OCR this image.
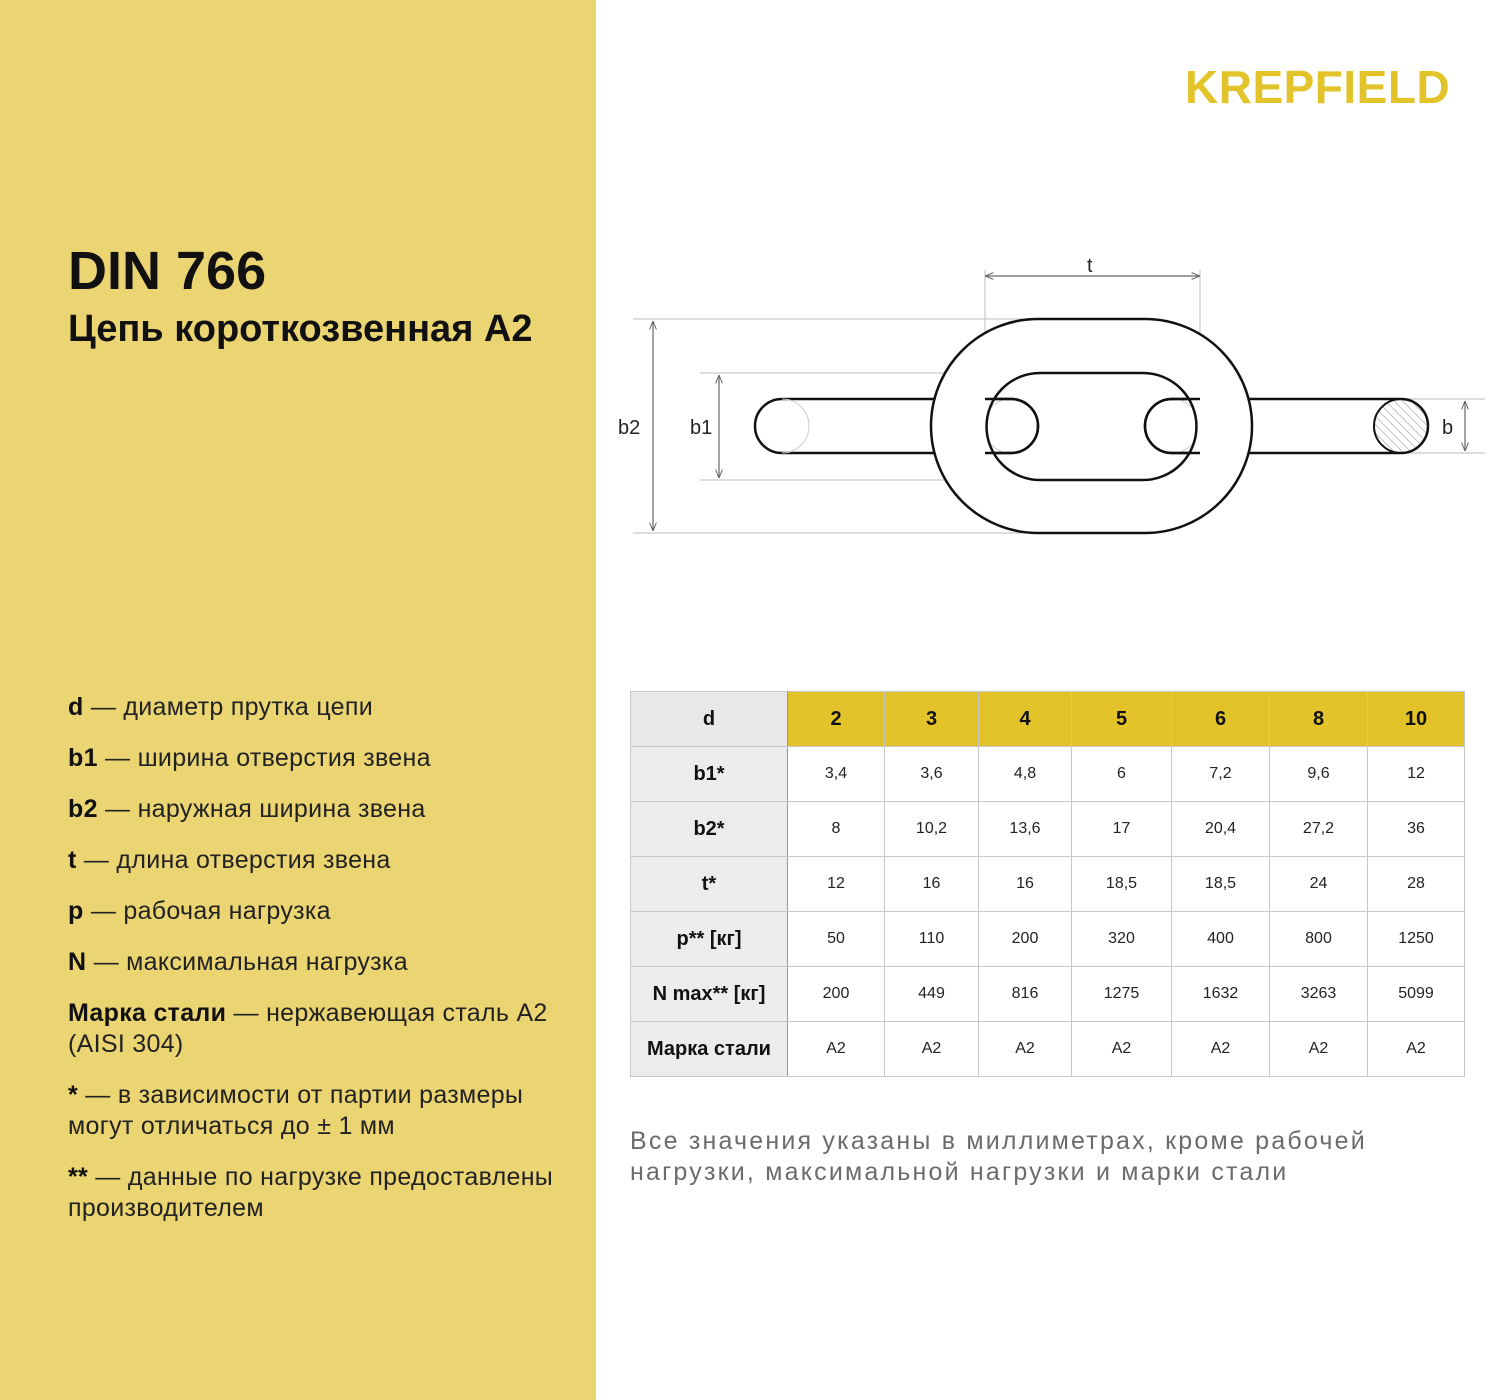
DIN 766
Цепь короткозвенная A2

d — диаметр прутка цепи

b1 — ширина отверстия звена

b2 — наружная ширина звена

t — длина отверстия звена

p — рабочая нагрузка

N — максимальная нагрузка

Марка стали — нержавеющая сталь A2 (AISI 304)

* — в зависимости от партии размеры могут отличаться до ± 1 мм

** — данные по нагрузке предоставлены производителем

KREPFIELD
t
b2 b1	b
d	2	3	4	5	6	8	10
b1*	3,4	3,6	4,8	6	7,2	9,6	12
b2*	8	10,2	13,6	17	20,4	27,2	36
t*	12	16	16	18,5	18,5	24	28
p** [кг]	50	110	200	320	400	800	1250
N max** [кг]	200	449	816	1275	1632	3263	5099
Марка стали	A2	A2	A2	A2	A2	A2	A2
Все значения указаны в миллиметрах, кроме рабочей нагрузки, максимальной нагрузки и марки стали
